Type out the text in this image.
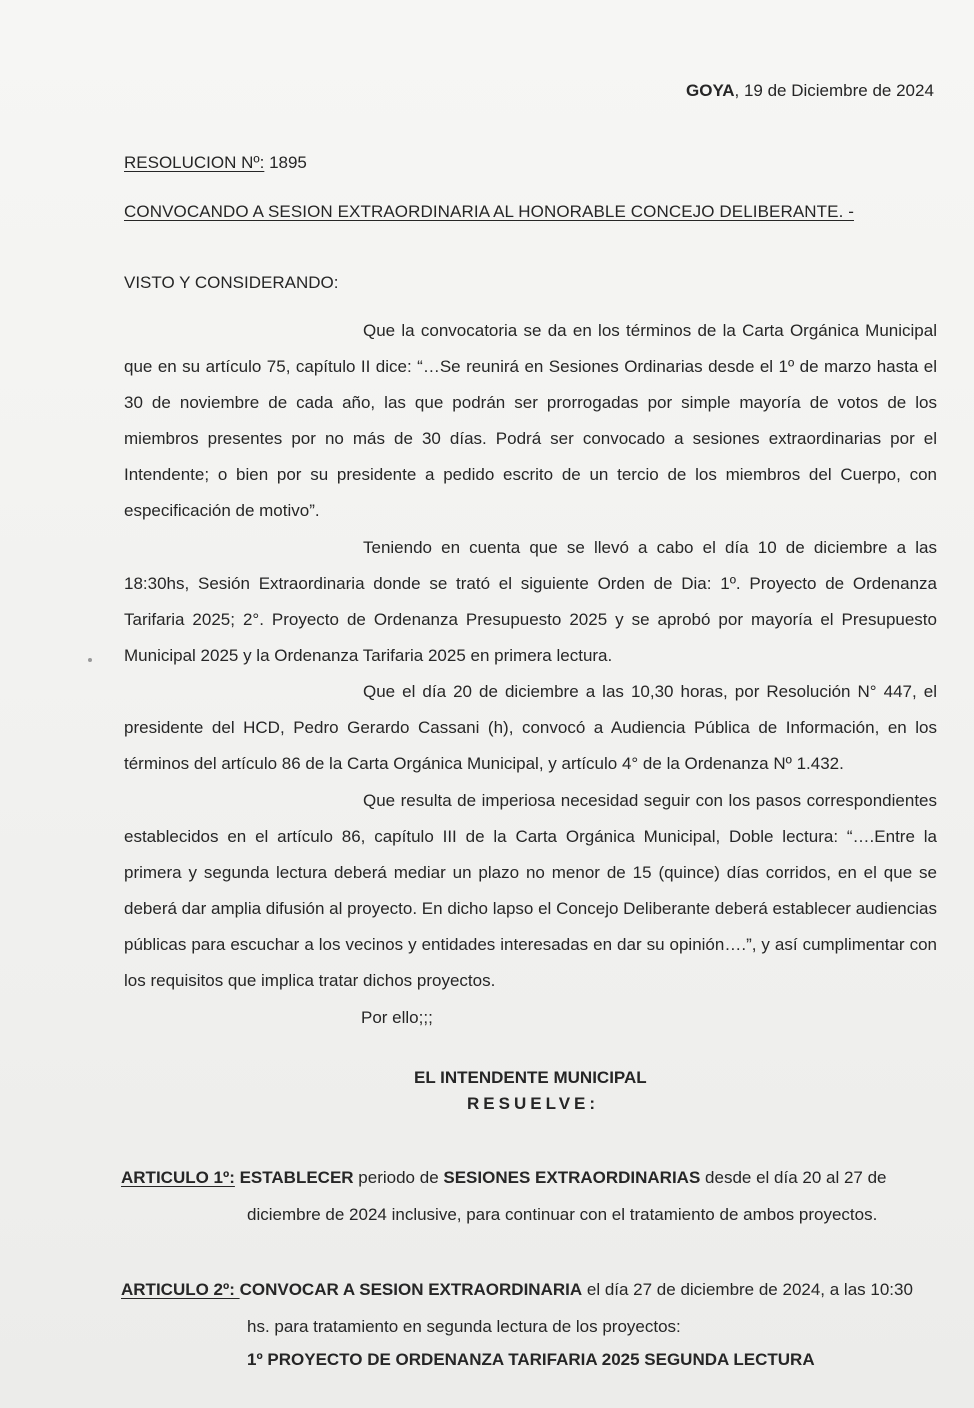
GOYA, 19 de Diciembre de 2024
RESOLUCION Nº: 1895
CONVOCANDO A SESION EXTRAORDINARIA AL HONORABLE CONCEJO DELIBERANTE. -
VISTO Y CONSIDERANDO:
Que la convocatoria se da en los términos de la Carta Orgánica Municipal que en su artículo 75, capítulo II dice: “…Se reunirá en Sesiones Ordinarias desde el 1º de marzo hasta el 30 de noviembre de cada año, las que podrán ser prorrogadas por simple mayoría de votos de los miembros presentes por no más de 30 días. Podrá ser convocado a sesiones extraordinarias por el Intendente; o bien por su presidente a pedido escrito de un tercio de los miembros del Cuerpo, con especificación de motivo”.
Teniendo en cuenta que se llevó a cabo el día 10 de diciembre a las 18:30hs, Sesión Extraordinaria donde se trató el siguiente Orden de Dia: 1º. Proyecto de Ordenanza Tarifaria 2025; 2°. Proyecto de Ordenanza Presupuesto 2025 y se aprobó por mayoría el Presupuesto Municipal 2025 y la Ordenanza Tarifaria 2025 en primera lectura.
Que el día 20 de diciembre a las 10,30 horas, por Resolución N° 447, el presidente del HCD, Pedro Gerardo Cassani (h), convocó a Audiencia Pública de Información, en los términos del artículo 86 de la Carta Orgánica Municipal, y artículo 4° de la Ordenanza Nº 1.432.
Que resulta de imperiosa necesidad seguir con los pasos correspondientes establecidos en el artículo 86, capítulo III de la Carta Orgánica Municipal, Doble lectura: “….Entre la primera y segunda lectura deberá mediar un plazo no menor de 15 (quince) días corridos, en el que se deberá dar amplia difusión al proyecto. En dicho lapso el Concejo Deliberante deberá establecer audiencias públicas para escuchar a los vecinos y entidades interesadas en dar su opinión….”, y así cumplimentar con los requisitos que implica tratar dichos proyectos.
Por ello;;;
EL INTENDENTE MUNICIPAL
RESUELVE:
ARTICULO 1º: ESTABLECER periodo de SESIONES EXTRAORDINARIAS desde el día 20 al 27 de
diciembre de 2024 inclusive, para continuar con el tratamiento de ambos proyectos.
ARTICULO 2º: CONVOCAR A SESION EXTRAORDINARIA el día 27 de diciembre de 2024, a las 10:30
hs. para tratamiento en segunda lectura de los proyectos:
1º PROYECTO DE ORDENANZA TARIFARIA 2025 SEGUNDA LECTURA
